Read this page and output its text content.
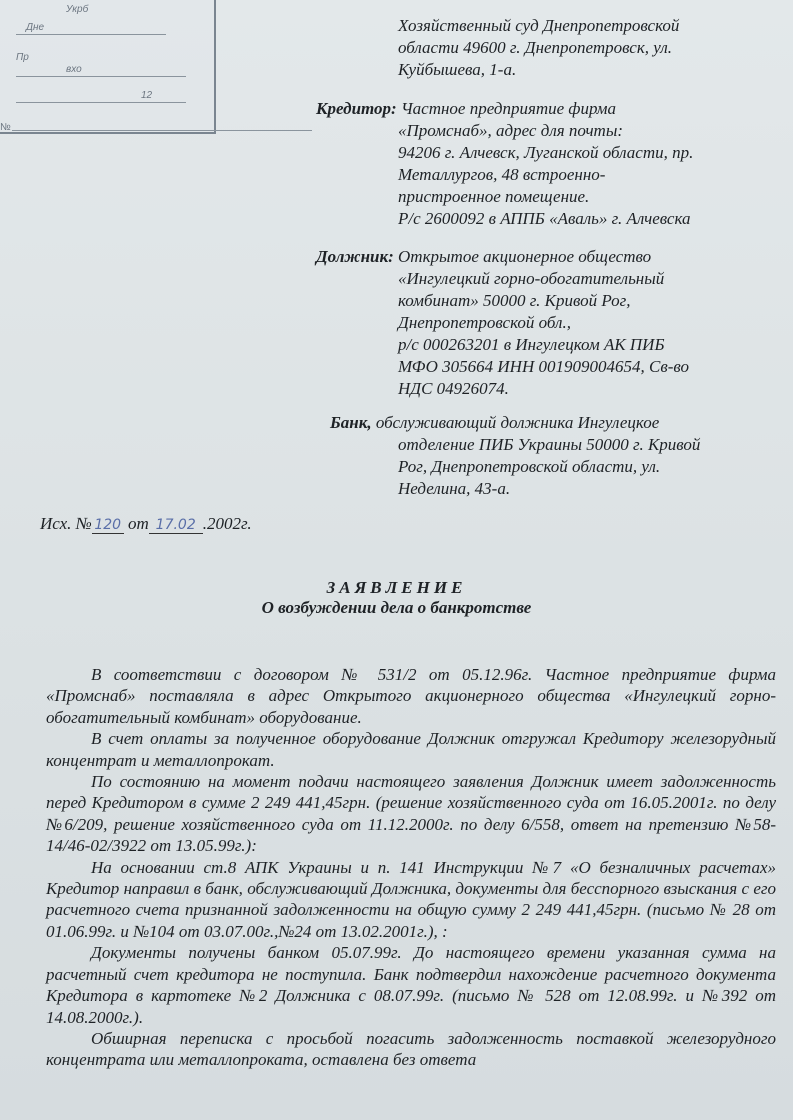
Укрб
Дне
Пр
вхо
12
№
Хозяйственный суд Днепропетровской
области 49600 г. Днепропетровск, ул.
Куйбышева, 1-а.
Кредитор: Частное предприятие фирма
«Промснаб», адрес для почты:
94206 г. Алчевск, Луганской области, пр.
Металлургов, 48 встроенно-
пристроенное помещение.
Р/с 2600092 в АППБ «Аваль» г. Алчевска
Должник: Открытое акционерное общество
«Ингулецкий горно-обогатительный
комбинат» 50000 г. Кривой Рог,
Днепропетровской обл.,
р/с 000263201 в Ингулецком АК ПИБ
МФО 305664 ИНН 001909004654, Св-во
НДС 04926074.
Банк, обслуживающий должника Ингулецкое
отделение ПИБ Украины 50000 г. Кривой
Рог, Днепропетровской области, ул.
Неделина, 43-а.
Исх. № 120 от 17.02 .2002г.
ЗАЯВЛЕНИЕ
О возбуждении дела о банкротстве

В соответствии с договором № 531/2 от 05.12.96г. Частное предприятие фирма «Промснаб» поставляла в адрес Открытого акционерного общества «Ингулецкий горно-обогатительный комбинат» оборудование.

В счет оплаты за полученное оборудование Должник отгружал Кредитору железорудный концентрат и металлопрокат.

По состоянию на момент подачи настоящего заявления Должник имеет задолженность перед Кредитором в сумме 2 249 441,45грн. (решение хозяйственного суда от 16.05.2001г. по делу №6/209, решение хозяйственного суда от 11.12.2000г. по делу 6/558, ответ на претензию №58-14/46-02/3922 от 13.05.99г.):

На основании ст.8 АПК Украины и п. 141 Инструкции №7 «О безналичных расчетах» Кредитор направил в банк, обслуживающий Должника, документы для бесспорного взыскания с его расчетного счета признанной задолженности на общую сумму 2 249 441,45грн. (письмо № 28 от 01.06.99г. и №104 от 03.07.00г.,№24 от 13.02.2001г.), :

Документы получены банком 05.07.99г. До настоящего времени указанная сумма на расчетный счет кредитора не поступила. Банк подтвердил нахождение расчетного документа Кредитора в картотеке №2 Должника с 08.07.99г. (письмо № 528 от 12.08.99г. и №392 от 14.08.2000г.).

Обширная переписка с просьбой погасить задолженность поставкой железорудного концентрата или металлопроката, оставлена без ответа
